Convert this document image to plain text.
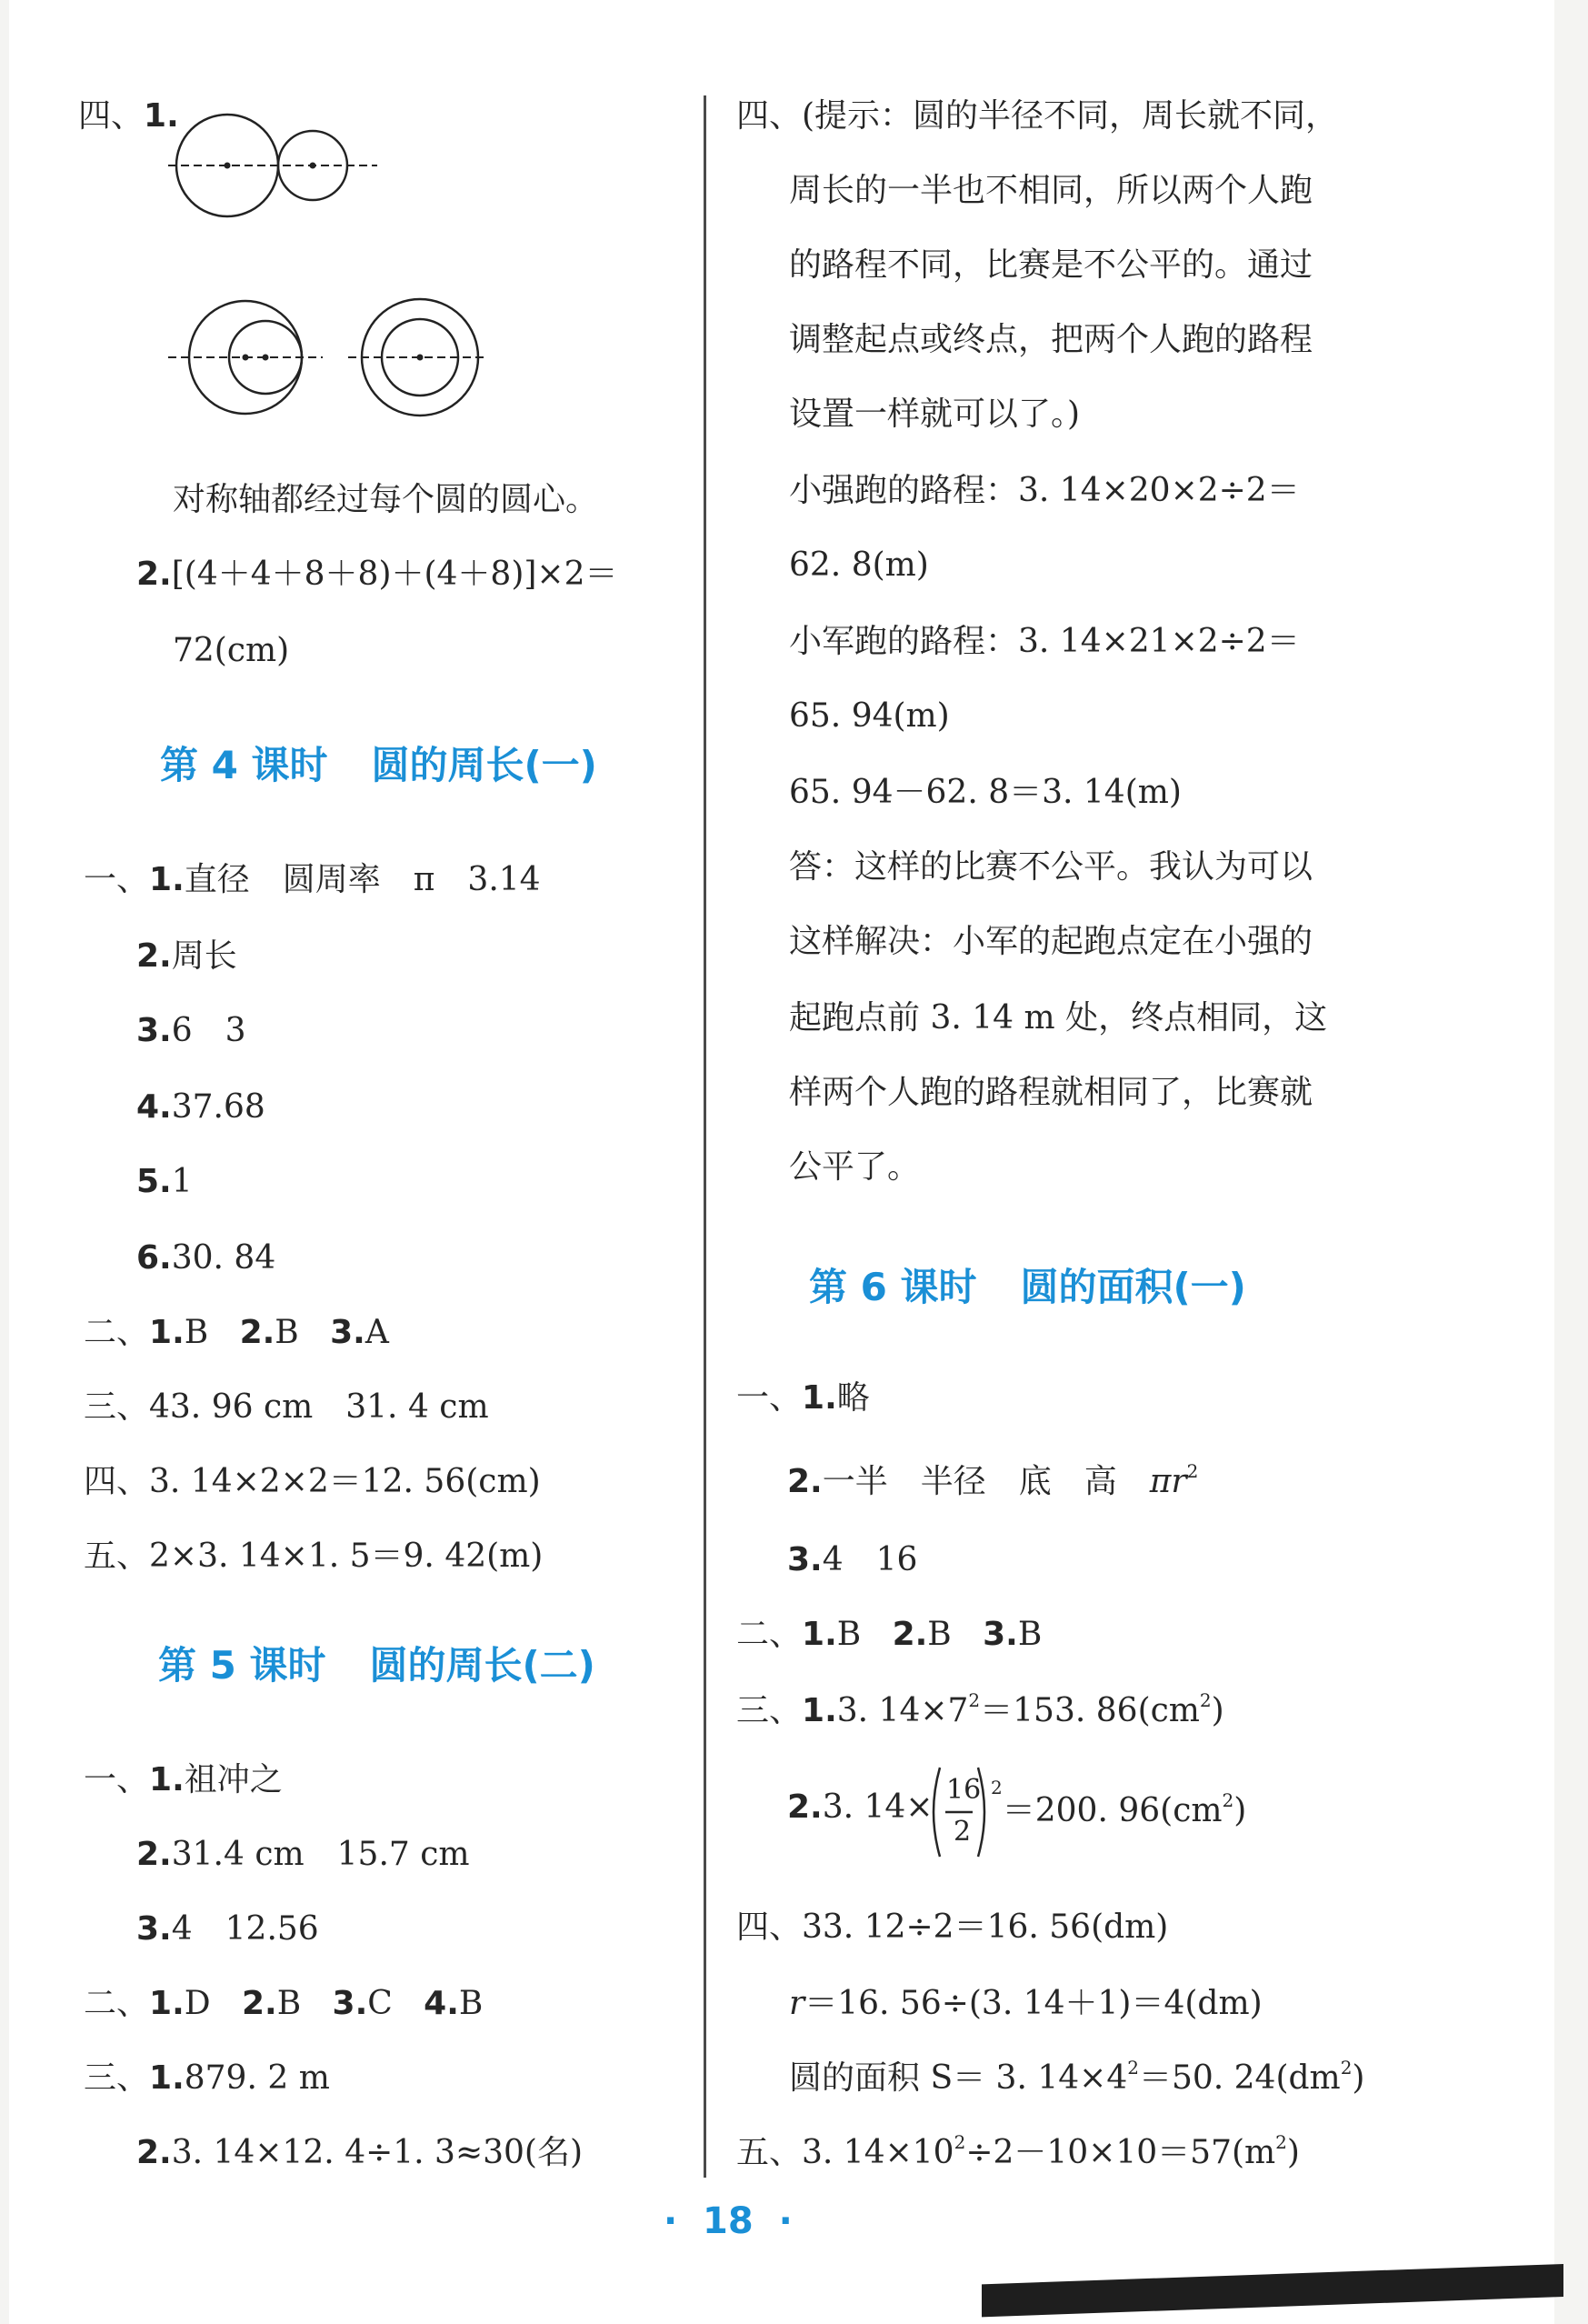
四、1.
对称轴都经过每个圆的圆心。
2.[(4＋4＋8＋8)＋(4＋8)]×2＝
72(cm)
第 4 课时 圆的周长(一)
一、1.直径　圆周率　π　3.14
2.周长
3.6　3
4.37.68
5.1
6.30. 84
二、1.B 2.B 3.A
三、43. 96 cm　31. 4 cm
四、3. 14×2×2＝12. 56(cm)
五、2×3. 14×1. 5＝9. 42(m)
第 5 课时 圆的周长(二)
一、1.祖冲之
2.31.4 cm　15.7 cm
3.4　12.56
二、1.D 2.B 3.C 4.B
三、1.879. 2 m
2.3. 14×12. 4÷1. 3≈30(名)
四、(提示：圆的半径不同，周长就不同，
周长的一半也不相同，所以两个人跑
的路程不同，比赛是不公平的。通过
调整起点或终点，把两个人跑的路程
设置一样就可以了。)
小强跑的路程：3. 14×20×2÷2＝
62. 8(m)
小军跑的路程：3. 14×21×2÷2＝
65. 94(m)
65. 94－62. 8＝3. 14(m)
答：这样的比赛不公平。我认为可以
这样解决：小军的起跑点定在小强的
起跑点前 3. 14 m 处，终点相同，这
样两个人跑的路程就相同了，比赛就
公平了。
第 6 课时 圆的面积(一)
一、1.略
2.一半　半径　底　高　$\pi r^2$
3.4　16
二、1.B 2.B 3.B
三、1.3. $14\times 7^2=153$. $86(cm^2)$
2.3. 14× 16
2
$^2$＝200. $96(cm^2)$
四、33. 12÷2＝16. 56(dm)
r＝16. 56÷(3. 14＋1)＝4(dm)
圆的面积 S＝ 3. $14\times 4^2=50$. $24(dm^2)$
五、3. $14\times 10^2\div 2-10\times 10=57(m^2)$
·  18  ·
